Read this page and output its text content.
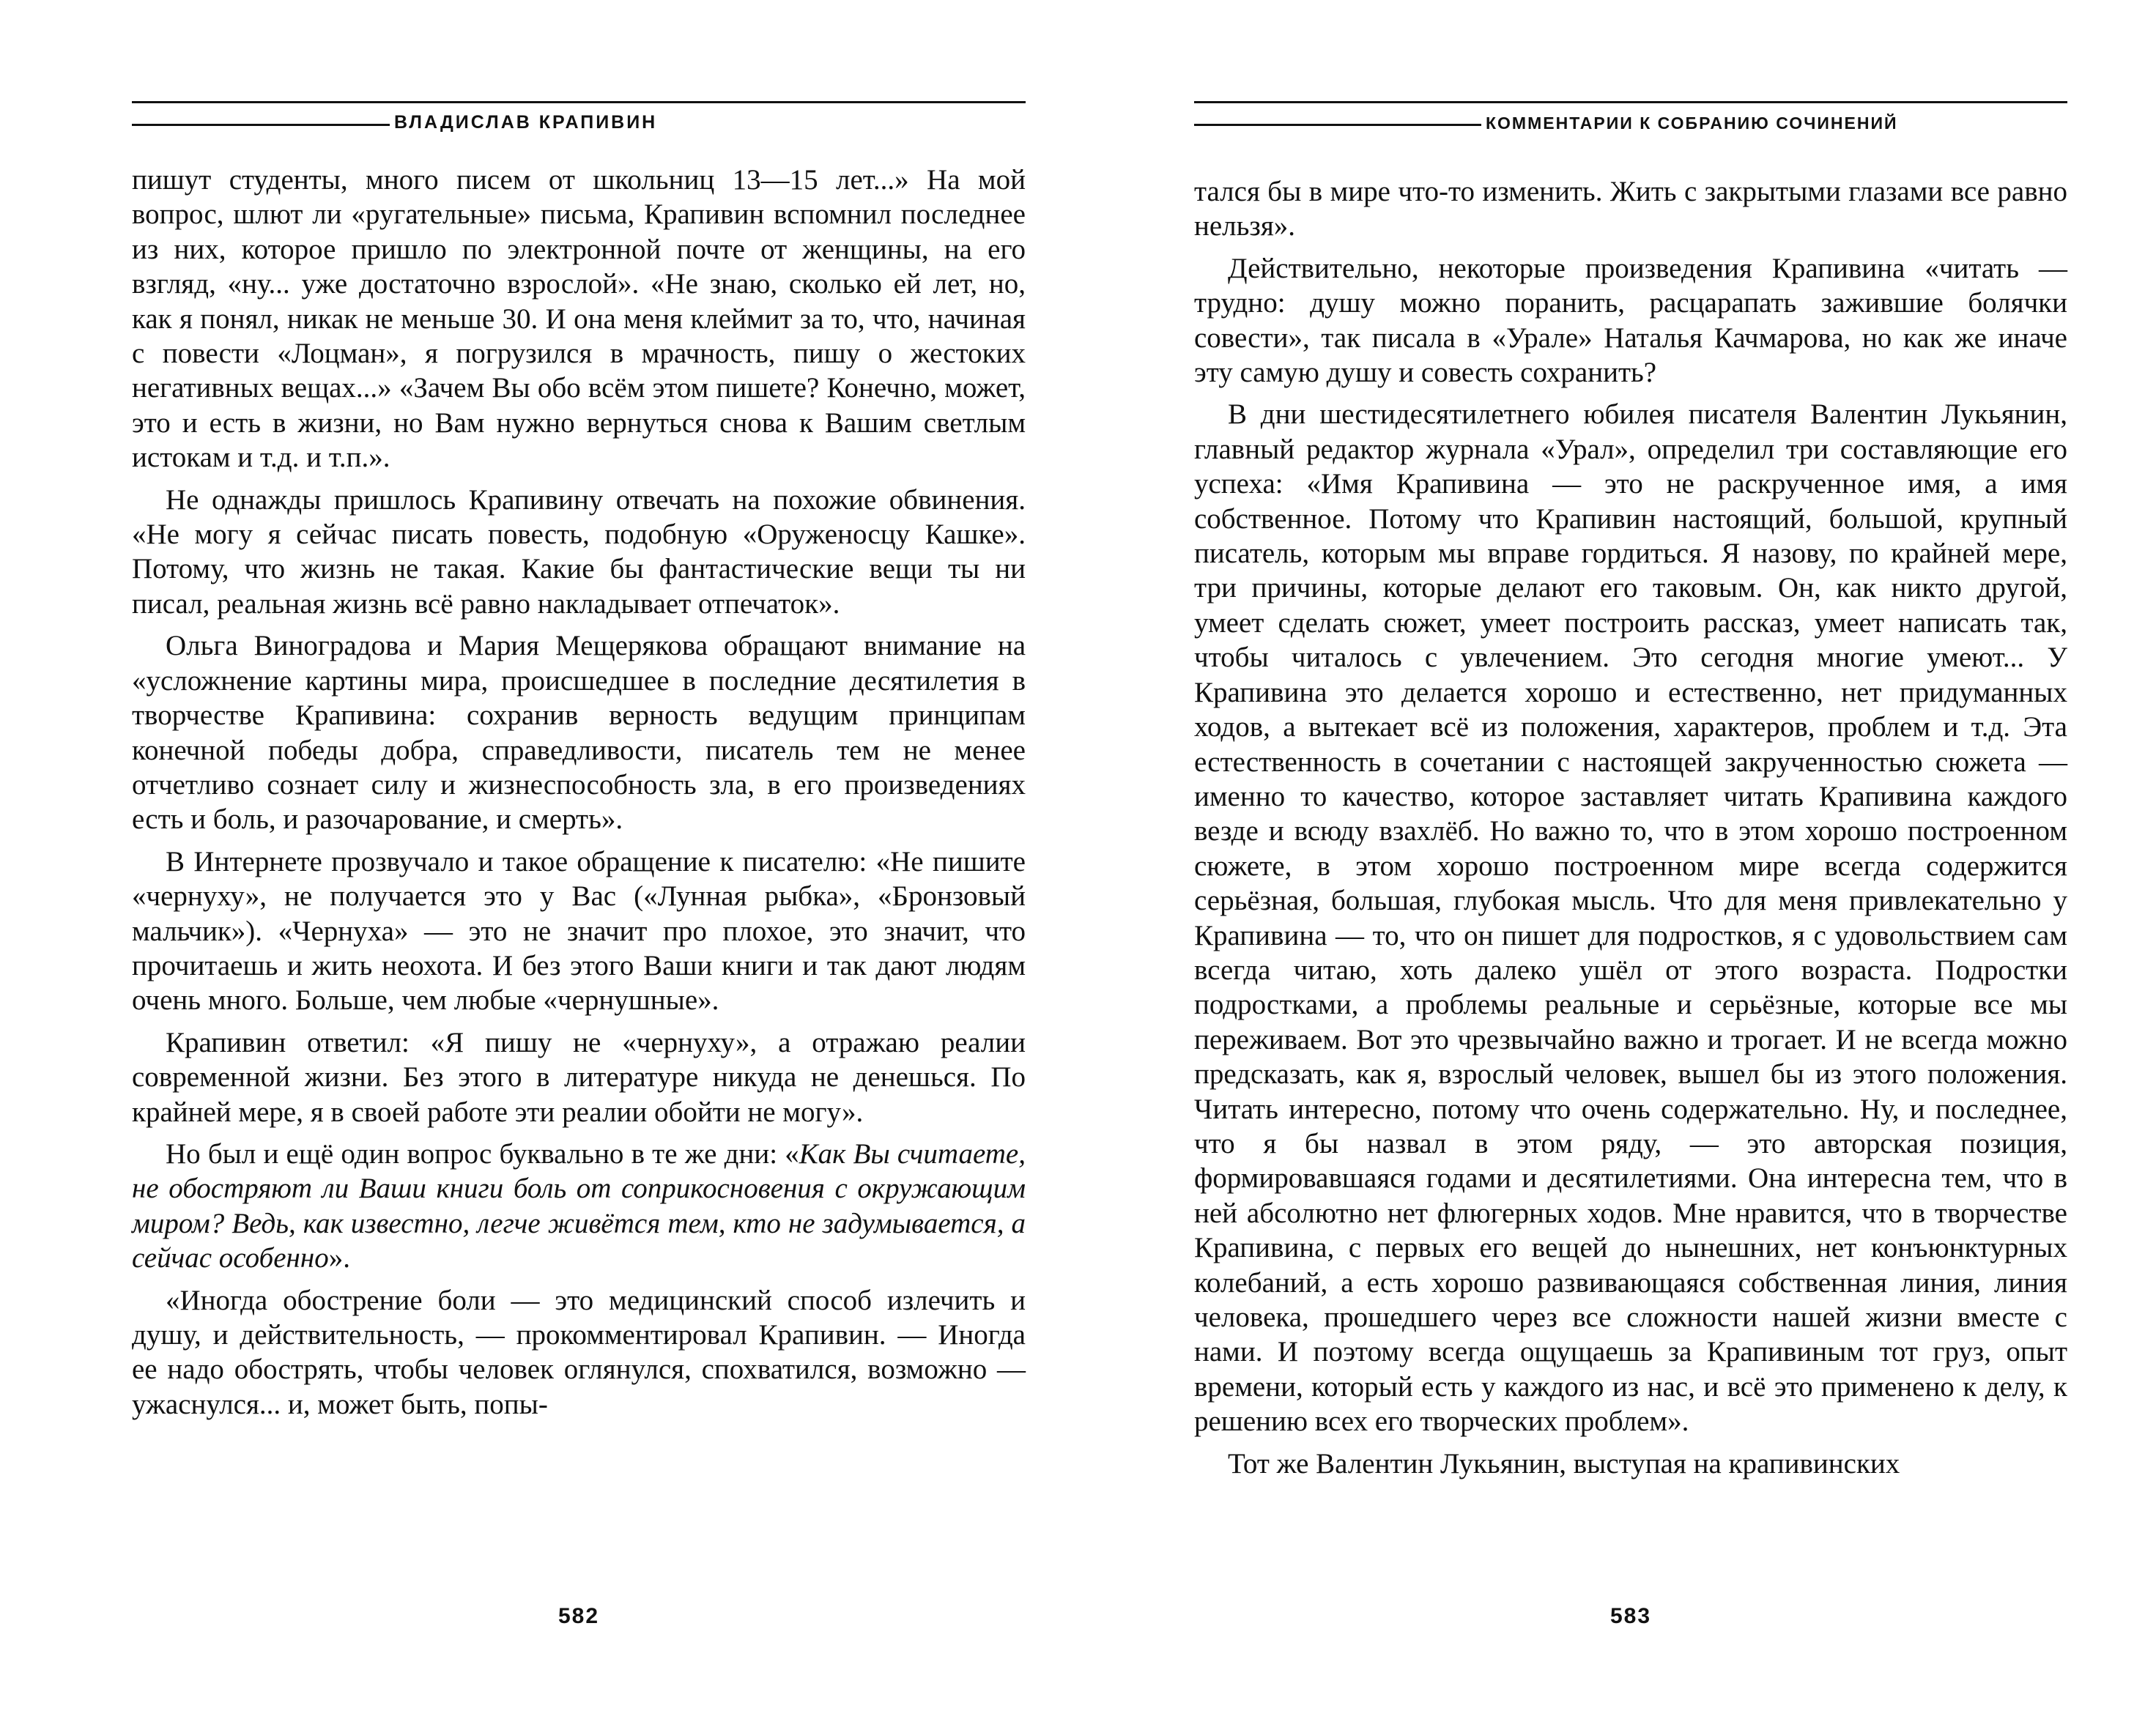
ВЛАДИСЛАВ КРАПИВИН

пишут студенты, много писем от школьниц 13—15 лет...» На мой вопрос, шлют ли «ругательные» письма, Крапивин вспомнил последнее из них, которое пришло по электронной почте от женщины, на его взгляд, «ну... уже достаточно взрослой». «Не знаю, сколько ей лет, но, как я понял, никак не меньше 30. И она меня клеймит за то, что, начиная с повести «Лоцман», я погрузился в мрачность, пишу о жестоких негативных вещах...» «Зачем Вы обо всём этом пишете? Конечно, может, это и есть в жизни, но Вам нужно вернуться снова к Вашим светлым истокам и т.д. и т.п.».

Не однажды пришлось Крапивину отвечать на похожие обвинения. «Не могу я сейчас писать повесть, подобную «Оруженосцу Кашке». Потому, что жизнь не такая. Какие бы фантастические вещи ты ни писал, реальная жизнь всё равно накладывает отпечаток».

Ольга Виноградова и Мария Мещерякова обращают внимание на «усложнение картины мира, происшедшее в последние десятилетия в творчестве Крапивина: сохранив верность ведущим принципам конечной победы добра, справедливости, писатель тем не менее отчетливо сознает силу и жизнеспособность зла, в его произведениях есть и боль, и разочарование, и смерть».

В Интернете прозвучало и такое обращение к писателю: «Не пишите «чернуху», не получается это у Вас («Лунная рыбка», «Бронзовый мальчик»). «Чернуха» — это не значит про плохое, это значит, что прочитаешь и жить неохота. И без этого Ваши книги и так дают людям очень много. Больше, чем любые «чернушные».

Крапивин ответил: «Я пишу не «чернуху», а отражаю реалии современной жизни. Без этого в литературе никуда не денешься. По крайней мере, я в своей работе эти реалии обойти не могу».

Но был и ещё один вопрос буквально в те же дни: «Как Вы считаете, не обостряют ли Ваши книги боль от соприкосновения с окружающим миром? Ведь, как известно, легче живётся тем, кто не задумывается, а сейчас особенно».

«Иногда обострение боли — это медицинский способ излечить и душу, и действительность, — прокомментировал Крапивин. — Иногда ее надо обострять, чтобы человек оглянулся, спохватился, возможно — ужаснулся... и, может быть, попы-

582
КОММЕНТАРИИ К СОБРАНИЮ СОЧИНЕНИЙ

тался бы в мире что-то изменить. Жить с закрытыми глазами все равно нельзя».

Действительно, некоторые произведения Крапивина «читать — трудно: душу можно поранить, расцарапать зажившие болячки совести», так писала в «Урале» Наталья Качмарова, но как же иначе эту самую душу и совесть сохранить?

В дни шестидесятилетнего юбилея писателя Валентин Лукьянин, главный редактор журнала «Урал», определил три составляющие его успеха: «Имя Крапивина — это не раскрученное имя, а имя собственное. Потому что Крапивин настоящий, большой, крупный писатель, которым мы вправе гордиться. Я назову, по крайней мере, три причины, которые делают его таковым. Он, как никто другой, умеет сделать сюжет, умеет построить рассказ, умеет написать так, чтобы читалось с увлечением. Это сегодня многие умеют... У Крапивина это делается хорошо и естественно, нет придуманных ходов, а вытекает всё из положения, характеров, проблем и т.д. Эта естественность в сочетании с настоящей закрученностью сюжета — именно то качество, которое заставляет читать Крапивина каждого везде и всюду взахлёб. Но важно то, что в этом хорошо построенном сюжете, в этом хорошо построенном мире всегда содержится серьёзная, большая, глубокая мысль. Что для меня привлекательно у Крапивина — то, что он пишет для подростков, я с удовольствием сам всегда читаю, хоть далеко ушёл от этого возраста. Подростки подростками, а проблемы реальные и серьёзные, которые все мы переживаем. Вот это чрезвычайно важно и трогает. И не всегда можно предсказать, как я, взрослый человек, вышел бы из этого положения. Читать интересно, потому что очень содержательно. Ну, и последнее, что я бы назвал в этом ряду, — это авторская позиция, формировавшаяся годами и десятилетиями. Она интересна тем, что в ней абсолютно нет флюгерных ходов. Мне нравится, что в творчестве Крапивина, с первых его вещей до нынешних, нет конъюнктурных колебаний, а есть хорошо развивающаяся собственная линия, линия человека, прошедшего через все сложности нашей жизни вместе с нами. И поэтому всегда ощущаешь за Крапивиным тот груз, опыт времени, который есть у каждого из нас, и всё это применено к делу, к решению всех его творческих проблем».

Тот же Валентин Лукьянин, выступая на крапивинских

583
